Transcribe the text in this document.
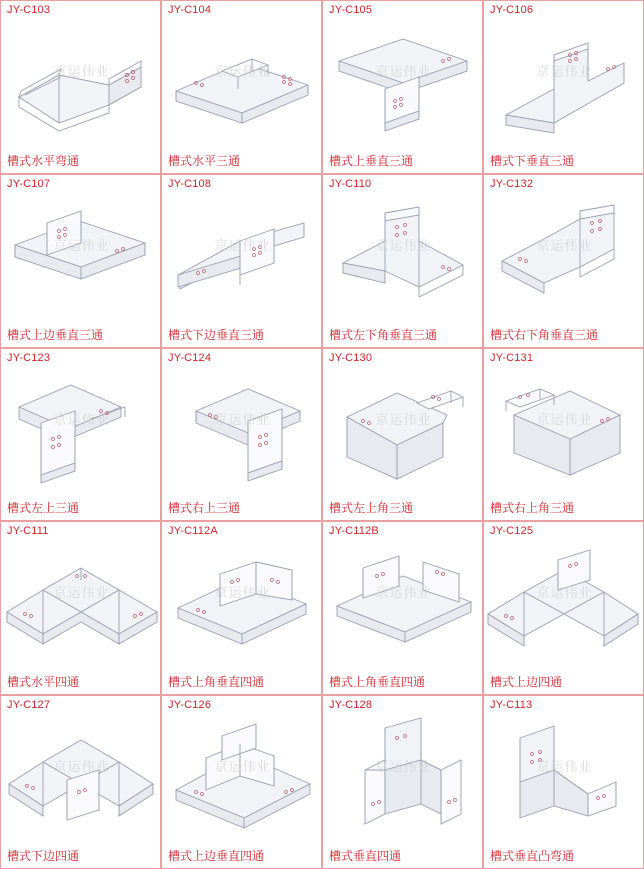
JY-C103
京运伟业
槽式水平弯通
JY-C104
京运伟业
槽式水平三通
JY-C105
京运伟业
槽式上垂直三通
JY-C106
京运伟业
槽式下垂直三通
JY-C107
京运伟业
槽式上边垂直三通
JY-C108
京运伟业
槽式下边垂直三通
JY-C110
京运伟业
槽式左下角垂直三通
JY-C132
京运伟业
槽式右下角垂直三通
JY-C123
京运伟业
槽式左上三通
JY-C124
京运伟业
槽式右上三通
JY-C130
京运伟业
槽式左上角三通
JY-C131
京运伟业
槽式右上角三通
JY-C111
京运伟业
槽式水平四通
JY-C112A
京运伟业
槽式上角垂直四通
JY-C112B
京运伟业
槽式上角垂直四通
JY-C125
京运伟业
槽式上边四通
JY-C127
京运伟业
槽式下边四通
JY-C126
京运伟业
槽式上边垂直四通
JY-C128
京运伟业
槽式垂直四通
JY-C113
京运伟业
槽式垂直凸弯通
